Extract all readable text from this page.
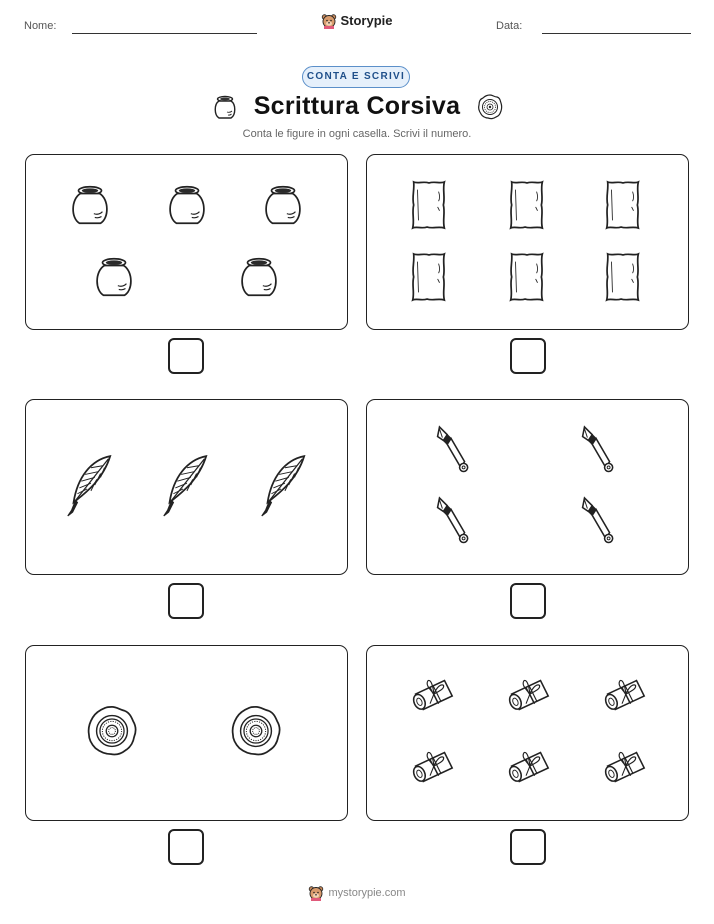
Nome:	Storypie	Data:
CONTA E SCRIVI
Scrittura Corsiva
Conta le figure in ogni casella. Scrivi il numero.
mystorypie.com
